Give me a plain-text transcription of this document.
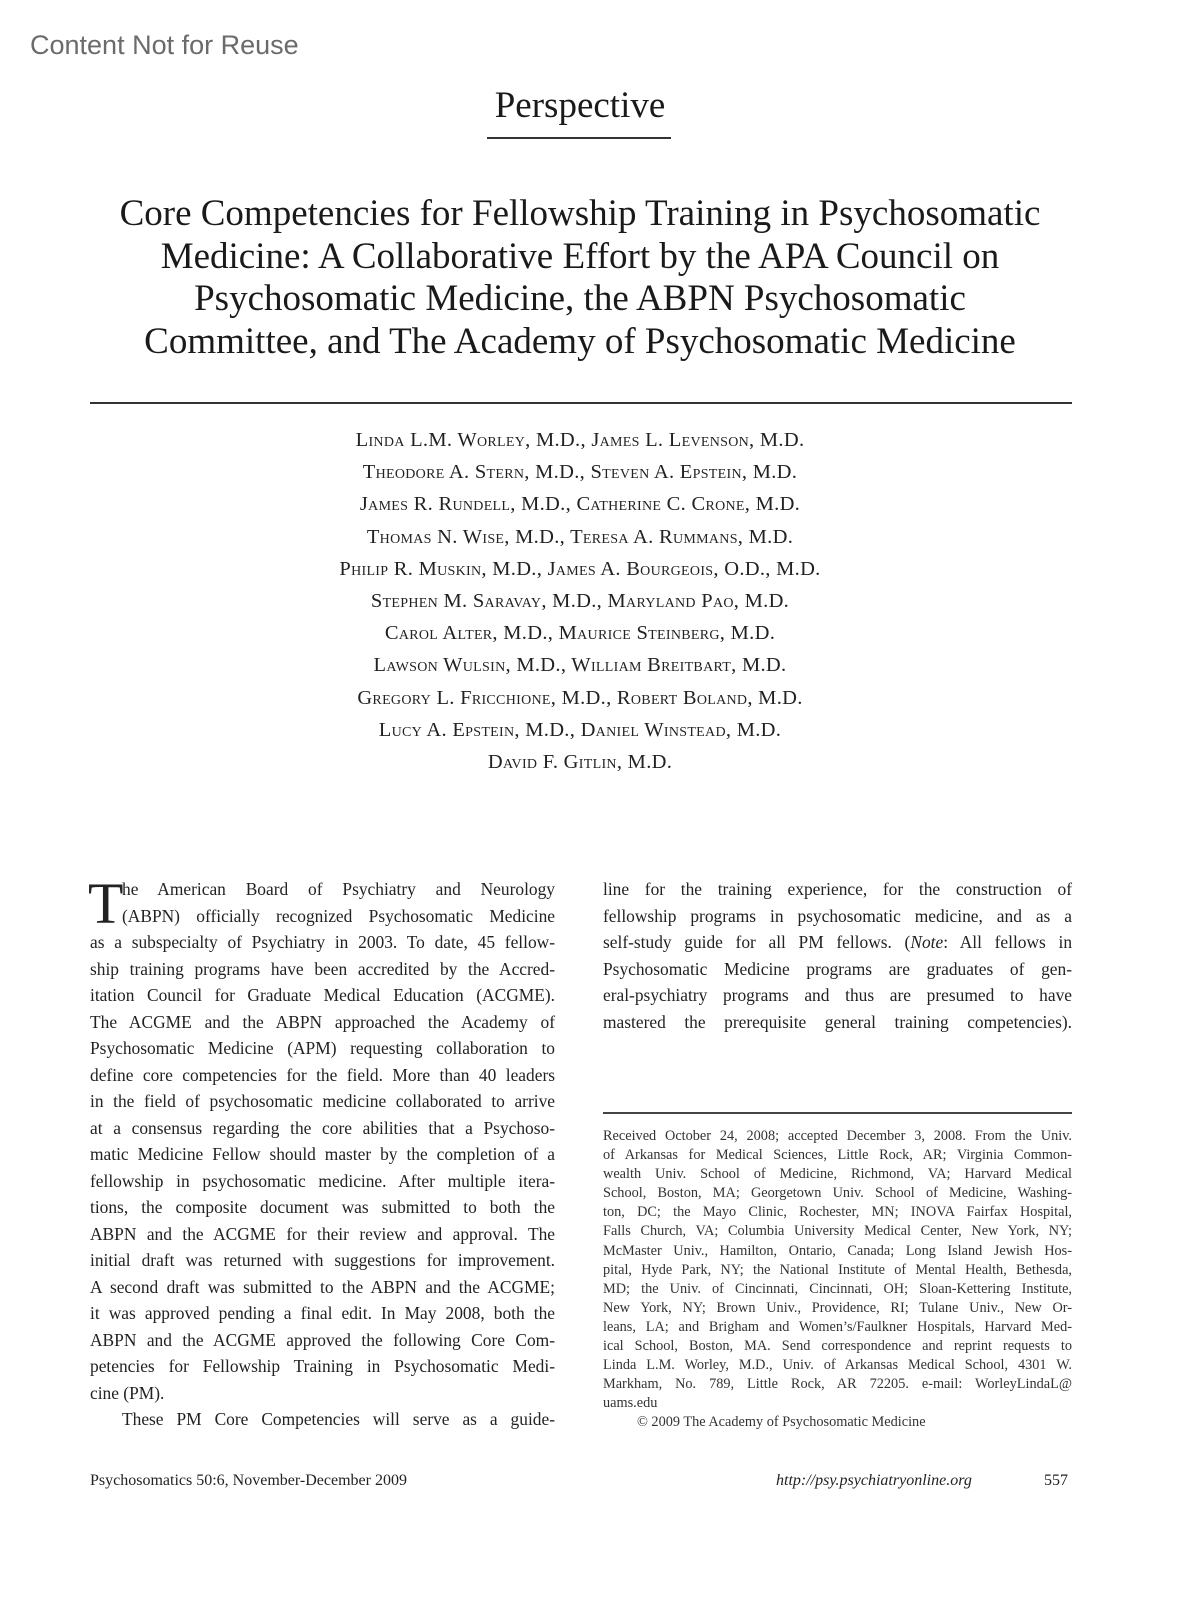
Content Not for Reuse
Perspective
Core Competencies for Fellowship Training in Psychosomatic
Medicine: A Collaborative Effort by the APA Council on
Psychosomatic Medicine, the ABPN Psychosomatic
Committee, and The Academy of Psychosomatic Medicine
Linda L.M. Worley, M.D., James L. Levenson, M.D.
Theodore A. Stern, M.D., Steven A. Epstein, M.D.
James R. Rundell, M.D., Catherine C. Crone, M.D.
Thomas N. Wise, M.D., Teresa A. Rummans, M.D.
Philip R. Muskin, M.D., James A. Bourgeois, O.D., M.D.
Stephen M. Saravay, M.D., Maryland Pao, M.D.
Carol Alter, M.D., Maurice Steinberg, M.D.
Lawson Wulsin, M.D., William Breitbart, M.D.
Gregory L. Fricchione, M.D., Robert Boland, M.D.
Lucy A. Epstein, M.D., Daniel Winstead, M.D.
David F. Gitlin, M.D.
T
he American Board of Psychiatry and Neurology
(ABPN) officially recognized Psychosomatic Medicine
as a subspecialty of Psychiatry in 2003. To date, 45 fellow-
ship training programs have been accredited by the Accred-
itation Council for Graduate Medical Education (ACGME).
The ACGME and the ABPN approached the Academy of
Psychosomatic Medicine (APM) requesting collaboration to
define core competencies for the field. More than 40 leaders
in the field of psychosomatic medicine collaborated to arrive
at a consensus regarding the core abilities that a Psychoso-
matic Medicine Fellow should master by the completion of a
fellowship in psychosomatic medicine. After multiple itera-
tions, the composite document was submitted to both the
ABPN and the ACGME for their review and approval. The
initial draft was returned with suggestions for improvement.
A second draft was submitted to the ABPN and the ACGME;
it was approved pending a final edit. In May 2008, both the
ABPN and the ACGME approved the following Core Com-
petencies for Fellowship Training in Psychosomatic Medi-
cine (PM).
These PM Core Competencies will serve as a guide-
line for the training experience, for the construction of
fellowship programs in psychosomatic medicine, and as a
self-study guide for all PM fellows. (Note: All fellows in
Psychosomatic Medicine programs are graduates of gen-
eral-psychiatry programs and thus are presumed to have
mastered the prerequisite general training competencies).
Received October 24, 2008; accepted December 3, 2008. From the Univ.
of Arkansas for Medical Sciences, Little Rock, AR; Virginia Common-
wealth Univ. School of Medicine, Richmond, VA; Harvard Medical
School, Boston, MA; Georgetown Univ. School of Medicine, Washing-
ton, DC; the Mayo Clinic, Rochester, MN; INOVA Fairfax Hospital,
Falls Church, VA; Columbia University Medical Center, New York, NY;
McMaster Univ., Hamilton, Ontario, Canada; Long Island Jewish Hos-
pital, Hyde Park, NY; the National Institute of Mental Health, Bethesda,
MD; the Univ. of Cincinnati, Cincinnati, OH; Sloan-Kettering Institute,
New York, NY; Brown Univ., Providence, RI; Tulane Univ., New Or-
leans, LA; and Brigham and Women’s/Faulkner Hospitals, Harvard Med-
ical School, Boston, MA. Send correspondence and reprint requests to
Linda L.M. Worley, M.D., Univ. of Arkansas Medical School, 4301 W.
Markham, No. 789, Little Rock, AR 72205. e-mail: WorleyLindaL@
uams.edu
© 2009 The Academy of Psychosomatic Medicine
Psychosomatics 50:6, November-December 2009	http://psy.psychiatryonline.org	557
